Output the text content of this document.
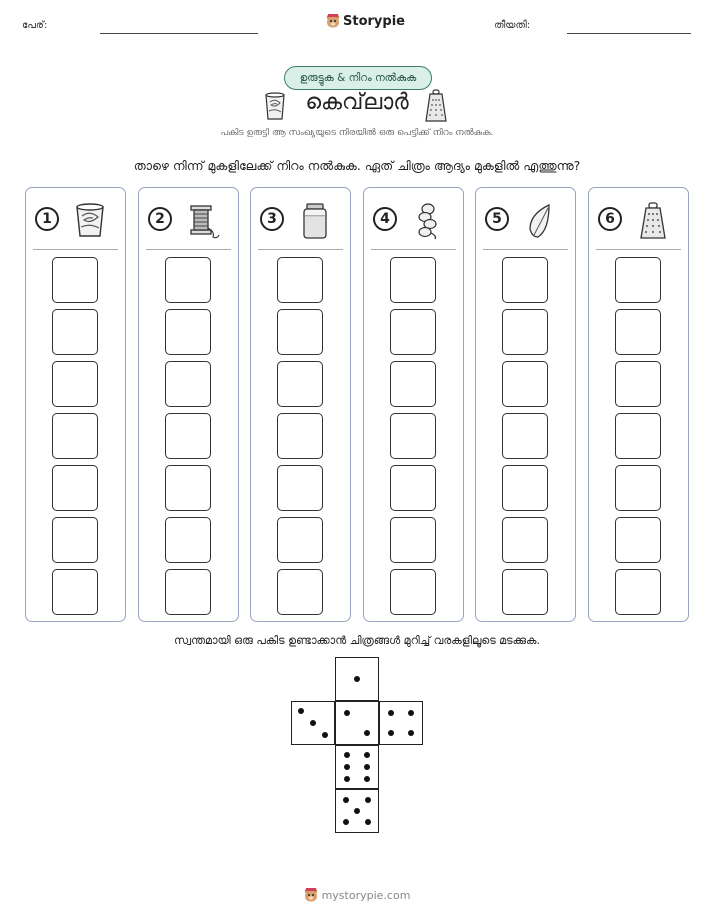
പേര്:	Storypie	തീയതി:
ഉരുട്ടുക & നിറം നൽകുക
കെവ്‌ലാർ
പകിട ഉരുട്ടി ആ സംഖ്യയുടെ നിരയിൽ ഒരു പെട്ടിക്ക് നിറം നൽകുക.
താഴെ നിന്ന് മുകളിലേക്ക് നിറം നൽകുക. ഏത് ചിത്രം ആദ്യം മുകളിൽ എത്തുന്നു?
1	2	3	4	5	6
സ്വന്തമായി ഒരു പകിട ഉണ്ടാക്കാൻ ചിത്രങ്ങൾ മുറിച്ച് വരകളിലൂടെ മടക്കുക.
mystorypie.com
